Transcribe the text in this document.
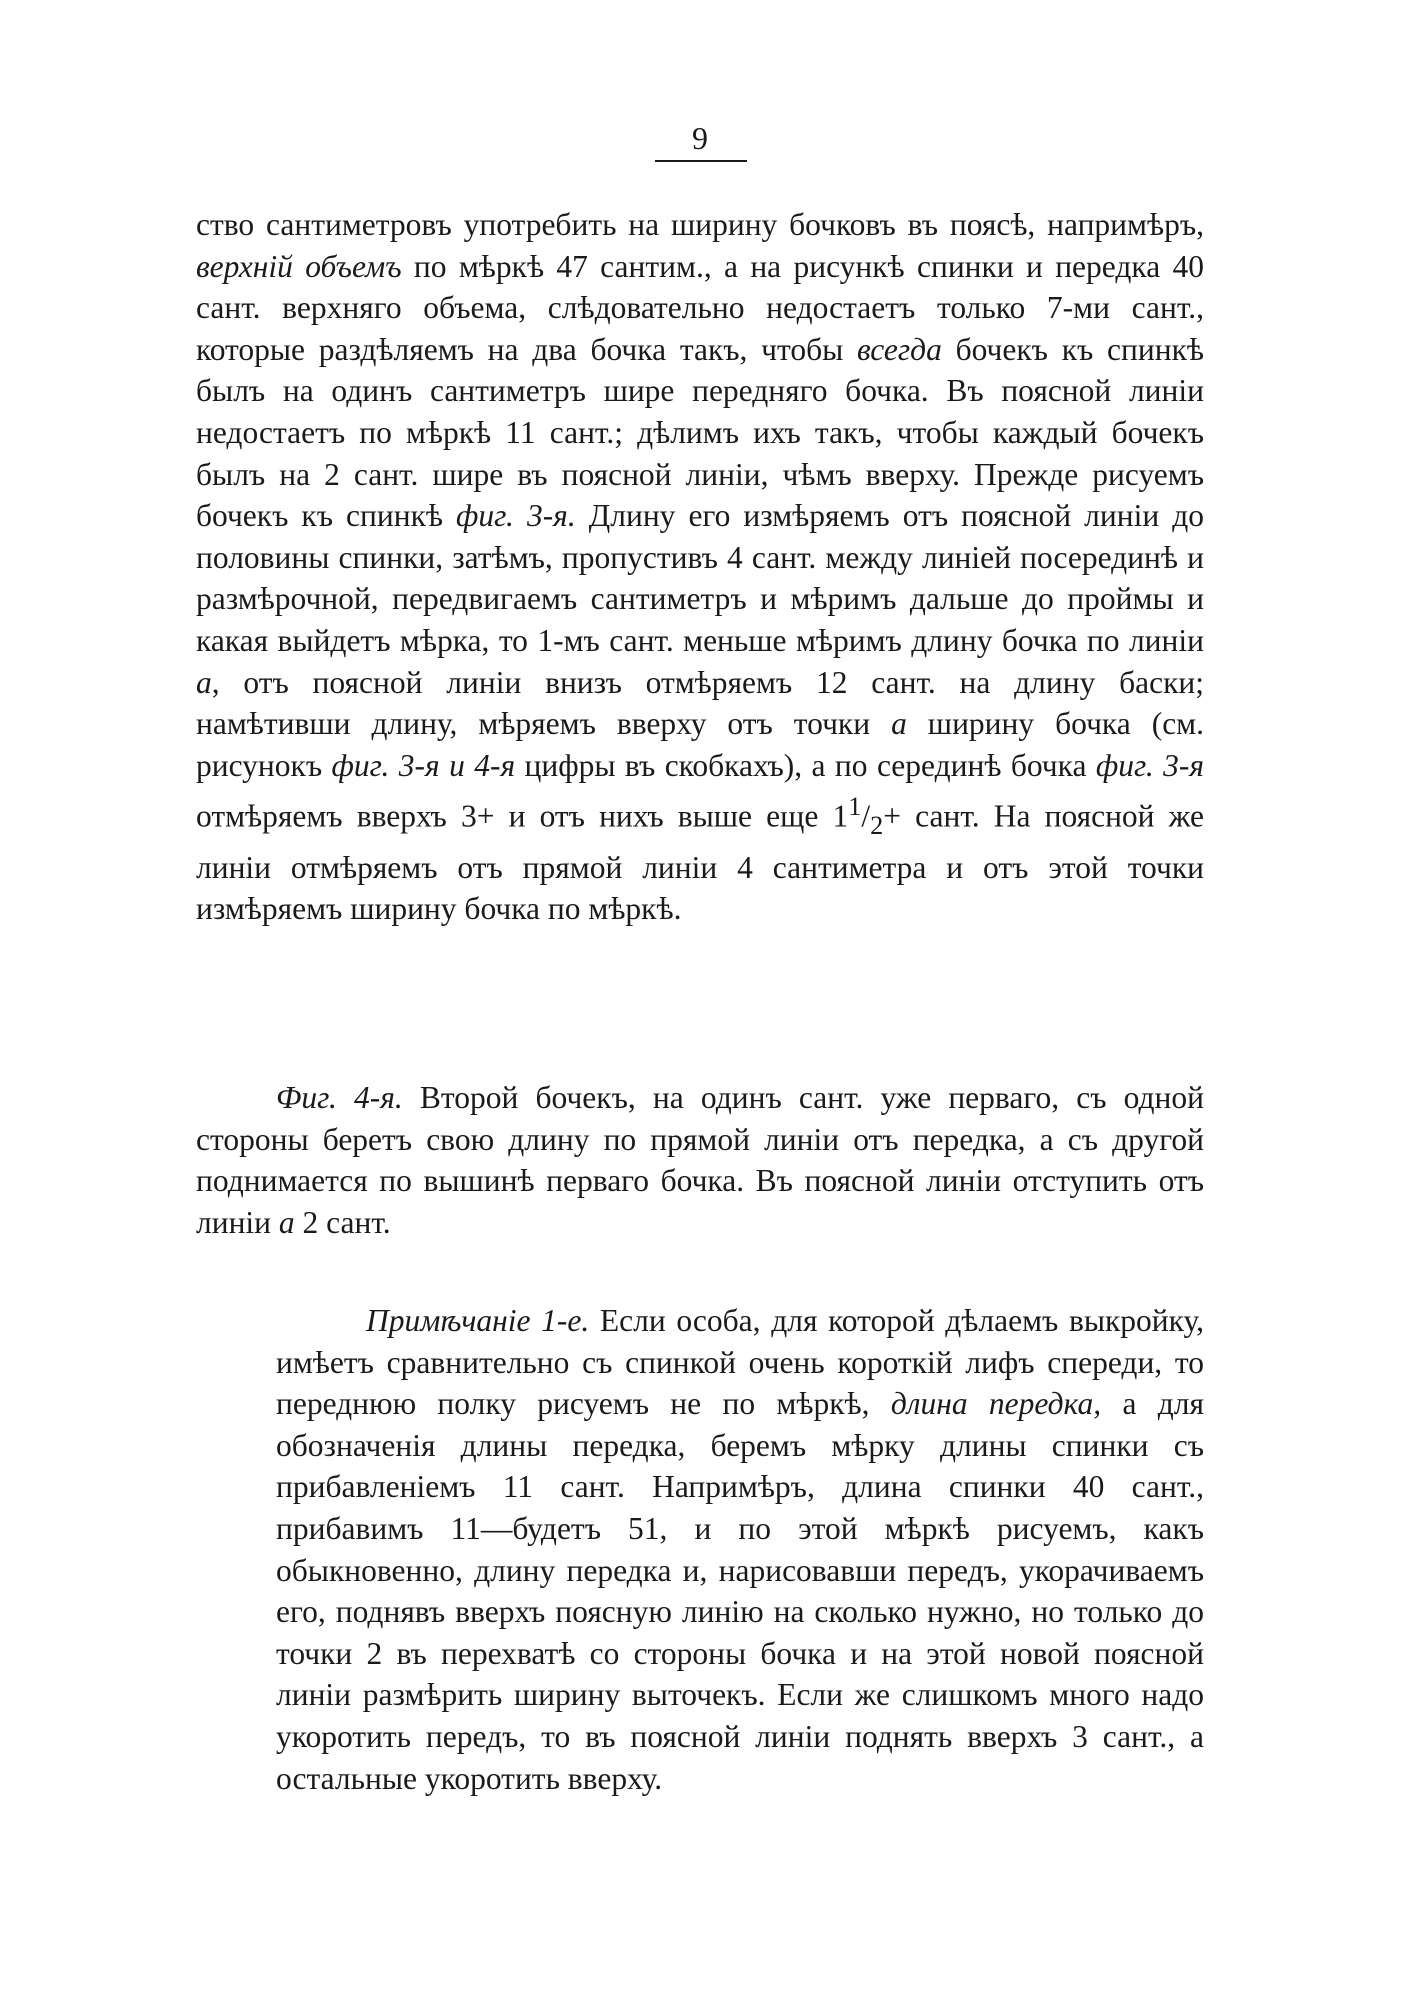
9

ство сантиметровъ употребить на ширину бочковъ въ поясѣ, напримѣръ, верхній объемъ по мѣркѣ 47 сантим., а на рисункѣ спинки и передка 40 сант. верхняго объема, слѣдовательно недостаетъ только 7-ми сант., которые раздѣляемъ на два бочка такъ, чтобы всегда бочекъ къ спинкѣ былъ на одинъ сантиметръ шире передняго бочка. Въ поясной линіи недостаетъ по мѣркѣ 11 сант.; дѣлимъ ихъ такъ, чтобы каждый бочекъ былъ на 2 сант. шире въ поясной линіи, чѣмъ вверху. Прежде рисуемъ бочекъ къ спинкѣ фиг. 3-я. Длину его измѣряемъ отъ поясной линіи до половины спинки, затѣмъ, пропустивъ 4 сант. между линіей посерединѣ и размѣрочной, передвигаемъ сантиметръ и мѣримъ дальше до проймы и какая выйдетъ мѣрка, то 1-мъ сант. меньше мѣримъ длину бочка по линіи а, отъ поясной линіи внизъ отмѣряемъ 12 сант. на длину баски; намѣтивши длину, мѣряемъ вверху отъ точки а ширину бочка (см. рисунокъ фиг. 3-я и 4-я цифры въ скобкахъ), а по серединѣ бочка фиг. 3-я отмѣряемъ вверхъ 3+ и отъ нихъ выше еще $1^1/_2+$ сант. На поясной же линіи отмѣряемъ отъ прямой линіи 4 сантиметра и отъ этой точки измѣряемъ ширину бочка по мѣркѣ.

Фиг. 4-я. Второй бочекъ, на одинъ сант. уже перваго, съ одной стороны беретъ свою длину по прямой линіи отъ передка, а съ другой поднимается по вышинѣ перваго бочка. Въ поясной линіи отступить отъ линіи а 2 сант.

Примѣчаніе 1-е. Если особа, для которой дѣлаемъ выкройку, имѣетъ сравнительно съ спинкой очень короткій лифъ спереди, то переднюю полку рисуемъ не по мѣркѣ, длина передка, а для обозначенія длины передка, беремъ мѣрку длины спинки съ прибавленіемъ 11 сант. Напримѣръ, длина спинки 40 сант., прибавимъ 11—будетъ 51, и по этой мѣркѣ рисуемъ, какъ обыкновенно, длину передка и, нарисовавши передъ, укорачиваемъ его, поднявъ вверхъ поясную линію на сколько нужно, но только до точки 2 въ перехватѣ со стороны бочка и на этой новой поясной линіи размѣрить ширину выточекъ. Если же слишкомъ много надо укоротить передъ, то въ поясной линіи поднять вверхъ 3 сант., а остальные укоротить вверху.
